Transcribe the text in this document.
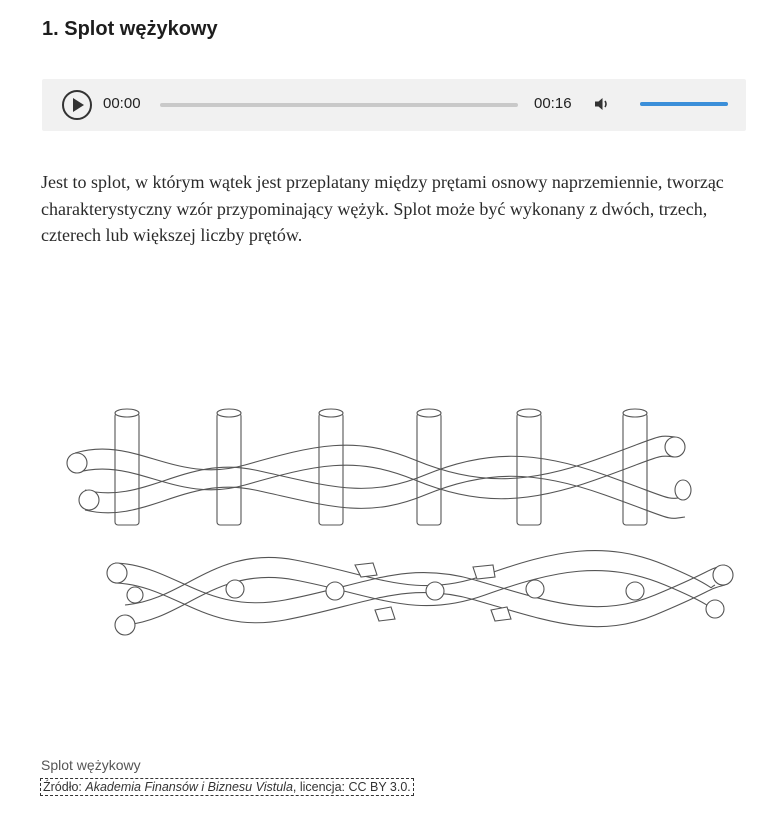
1. Splot wężykowy
00:00	00:16

Jest to splot, w którym wątek jest przeplatany między prętami osnowy naprzemiennie, tworząc charakterystyczny wzór przypominający wężyk. Splot może być wykonany z dwóch, trzech, czterech lub większej liczby prętów.

Splot wężykowy
Źródło: Akademia Finansów i Biznesu Vistula, licencja: CC BY 3.0.
